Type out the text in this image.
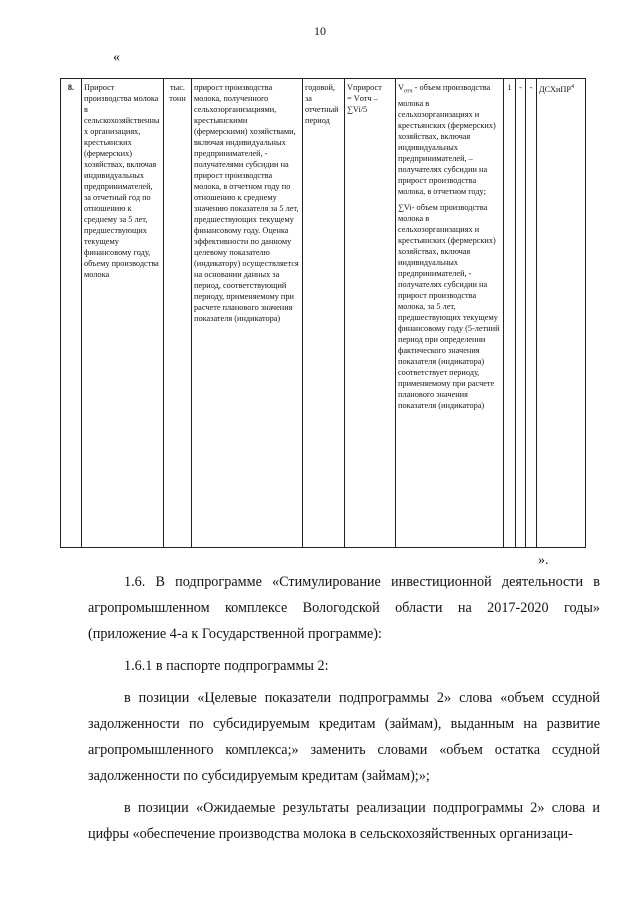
10
«
8.	Прирост производства молока в сельскохозяйственных организациях, крестьянских (фермерских) хозяйствах, включая индивидуальных предпринимателей, за отчетный год по отношению к среднему за 5 лет, предшествующих текущему финансовому году, объему производства молока	тыс. тонн	прирост производства молока, полученного сельхозорганизациями, крестьянскими (фермерскими) хозяйствами, включая индивидуальных предпринимателей, - получателями субсидии на прирост производства молока, в отчетном году по отношению к среднему значению показателя за 5 лет, предшествующих текущему финансовому году. Оценка эффективности по данному целевому показателю (индикатору) осуществляется на основании данных за период, соответствующий периоду, применяемому при расчете планового значения показателя (индикатора)	годовой, за отчетный период	Vприрост
= Vотч –
∑Vi/5	$V_{отч}$ - объем производства молока в сельхозорганизациях и крестьянских (фермерских) хозяйствах, включая индивидуальных предпринимателей, – получателях субсидии на прирост производства молока, в отчетном году;
∑Vi- объем производства молока в сельхозорганизациях и крестьянских (фермерских) хозяйствах, включая индивидуальных предпринимателей, - получателях субсидии на прирост производства молока, за 5 лет, предшествующих текущему финансовому году (5-летний период при определении фактического значения показателя (индикатора) соответствует периоду, применяемому при расчете планового значения показателя (индикатора)	1	-	-	ДСХиПР$^4$
».

1.6. В подпрограмме «Стимулирование инвестиционной деятельности в агропромышленном комплексе Вологодской области на 2017-2020 годы» (приложение 4-а к Государственной программе):

1.6.1 в паспорте подпрограммы 2:

в позиции «Целевые показатели подпрограммы 2» слова «объем ссудной задолженности по субсидируемым кредитам (займам), выданным на развитие агропромышленного комплекса;» заменить словами «объем остатка ссудной задолженности по субсидируемым кредитам (займам);»;

в позиции «Ожидаемые результаты реализации подпрограммы 2» слова и цифры «обеспечение производства молока в сельскохозяйственных организаци-
